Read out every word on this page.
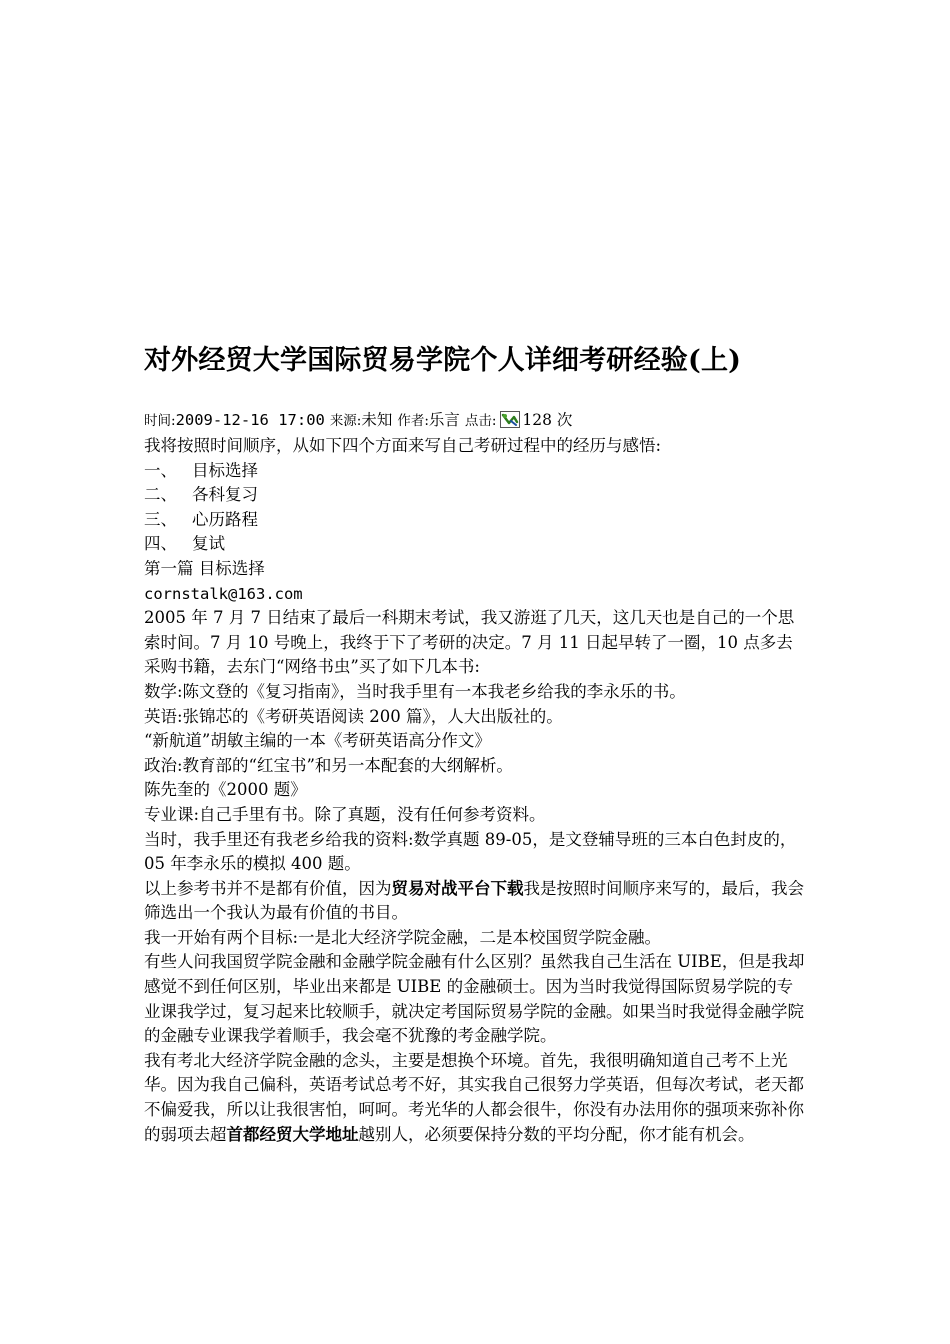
对外经贸大学国际贸易学院个人详细考研经验(上)
时间:2009-12-16 17:00 来源:未知 作者:乐言 点击: 128 次

我将按照时间顺序，从如下四个方面来写自己考研过程中的经历与感悟:

一、 目标选择

二、 各科复习

三、 心历路程

四、 复试

第一篇 目标选择

cornstalk@163.com

2005 年 7 月 7 日结束了最后一科期末考试，我又游逛了几天，这几天也是自己的一个思索时间。7 月 10 号晚上，我终于下了考研的决定。7 月 11 日起早转了一圈，10 点多去采购书籍，去东门“网络书虫”买了如下几本书:

数学:陈文登的《复习指南》，当时我手里有一本我老乡给我的李永乐的书。

英语:张锦芯的《考研英语阅读 200 篇》，人大出版社的。

“新航道”胡敏主编的一本《考研英语高分作文》

政治:教育部的“红宝书”和另一本配套的大纲解析。

陈先奎的《2000 题》

专业课:自己手里有书。除了真题，没有任何参考资料。

当时，我手里还有我老乡给我的资料:数学真题 89-05，是文登辅导班的三本白色封皮的，05 年李永乐的模拟 400 题。

以上参考书并不是都有价值，因为贸易对战平台下载我是按照时间顺序来写的，最后，我会筛选出一个我认为最有价值的书目。

我一开始有两个目标:一是北大经济学院金融，二是本校国贸学院金融。

有些人问我国贸学院金融和金融学院金融有什么区别？虽然我自己生活在 UIBE，但是我却感觉不到任何区别，毕业出来都是 UIBE 的金融硕士。因为当时我觉得国际贸易学院的专业课我学过，复习起来比较顺手，就决定考国际贸易学院的金融。如果当时我觉得金融学院的金融专业课我学着顺手，我会毫不犹豫的考金融学院。

我有考北大经济学院金融的念头，主要是想换个环境。首先，我很明确知道自己考不上光华。因为我自己偏科，英语考试总考不好，其实我自己很努力学英语，但每次考试，老天都不偏爱我，所以让我很害怕，呵呵。考光华的人都会很牛，你没有办法用你的强项来弥补你的弱项去超首都经贸大学地址越别人，必须要保持分数的平均分配，你才能有机会。
